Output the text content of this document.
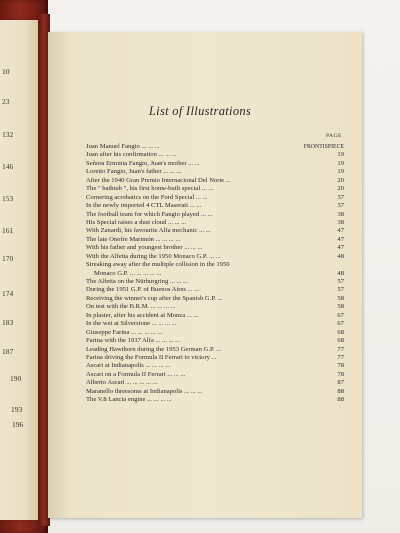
10
23
132
146
153
161
170
174
183
187
190
193
196
List of Illustrations
PAGE
Juan Manuel Fangio ... ... ...	FRONTISPIECE
Juan after his confirmation ... ... ...	19
Señora Erminia Fangio, Juan's mother ... ...	19
Loretto Fangio, Juan's father ... ... ...	19
After the 1940 Gran Premio Internacional Del Norte ...	20
The " bathtub ", his first home-built special ... ...	20
Cornering acrobatics on the Ford Special ... ...	37
In the newly imported 4 CTL Maserati ... ...	37
The football team for which Fangio played ... ...	38
His Special raises a dust cloud ... ... ...	38
With Zanardi, his favourite Alfa mechanic ... ...	47
The late Onofre Marimón ... ... ... ...	47
With his father and youngest brother ... ... ...	47
With the Alfetta during the 1950 Monaco G.P. ... ...	48
Streaking away after the multiple collision in the 1950
Monaco G.P. ... ... ... ... ...	48
The Alfetta on the Nürburgring ... ... ...	57
During the 1951 G.P. of Buenos Aires ... ...	57
Receiving the winner's cup after the Spanish G.P. ...	58
On test with the B.R.M. ... ... ... ...	58
In plaster, after his accident at Monza ... ...	67
In the wet at Silverstone ... ... ... ...	67
Giuseppe Farina ... ... ... ... ...	68
Farina with the 1937 Alfa ... ... ... ...	68
Leading Hawthorn during the 1953 German G.P. ...	77
Farina driving the Formula II Ferrari to victory ...	77
Ascari at Indianapolis ... ... ... ...	78
Ascari on a Formula II Ferrari ... ... ...	78
Alberto Ascari ... ... ... ... ...	87
Maranello threesome at Indianapolis ... ... ...	88
The V.8 Lancia engine ... ... ... ...	88
